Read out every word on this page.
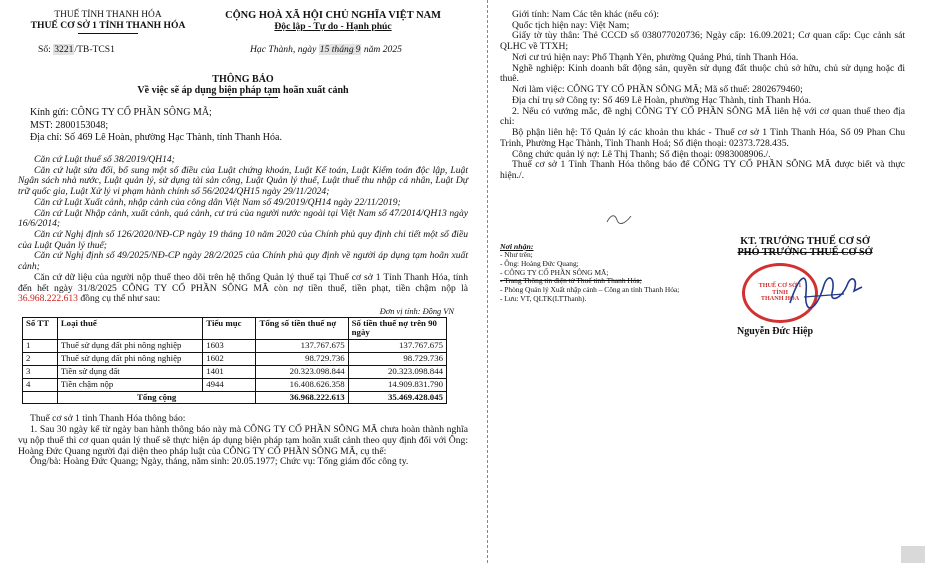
THUẾ TỈNH THANH HÓA
THUẾ CƠ SỞ 1 TỈNH THANH HÓA
CỘNG HOÀ XÃ HỘI CHỦ NGHĨA VIỆT NAM
Độc lập - Tự do - Hạnh phúc
Số: 3221/TB-TCS1	Hạc Thành, ngày 15 tháng 9 năm 2025
THÔNG BÁO
Về việc sẽ áp dụng biện pháp tạm hoãn xuất cảnh
Kính gửi: CÔNG TY CỔ PHẦN SÔNG MÃ;
MST: 2800153048;
Địa chỉ: Số 469 Lê Hoàn, phường Hạc Thành, tỉnh Thanh Hóa.

Căn cứ Luật thuế số 38/2019/QH14;

Căn cứ luật sửa đổi, bổ sung một số điều của Luật chứng khoán, Luật Kế toán, Luật Kiểm toán độc lập, Luật Ngân sách nhà nước, Luật quản lý, sử dụng tài sản công, Luật Quản lý thuế, Luật thuế thu nhập cá nhân, Luật Dự trữ quốc gia, Luật Xử lý vi phạm hành chính số 56/2024/QH15 ngày 29/11/2024;

Căn cứ Luật Xuất cảnh, nhập cảnh của công dân Việt Nam số 49/2019/QH14 ngày 22/11/2019;

Căn cứ Luật Nhập cảnh, xuất cảnh, quá cảnh, cư trú của người nước ngoài tại Việt Nam số 47/2014/QH13 ngày 16/6/2014;

Căn cứ Nghị định số 126/2020/NĐ-CP ngày 19 tháng 10 năm 2020 của Chính phủ quy định chi tiết một số điều của Luật Quản lý thuế;

Căn cứ Nghị định số 49/2025/NĐ-CP ngày 28/2/2025 của Chính phủ quy định về người áp dụng tạm hoãn xuất cảnh;

Căn cứ dữ liệu của người nộp thuế theo dõi trên hệ thống Quản lý thuế tại Thuế cơ sở 1 Tỉnh Thanh Hóa, tính đến hết ngày 31/8/2025 CÔNG TY CỔ PHẦN SÔNG MÃ còn nợ tiền thuế, tiền phạt, tiền chậm nộp là 36.968.222.613 đồng cụ thể như sau:

Đơn vị tính: Đồng VN
Số TT	Loại thuế	Tiểu mục	Tổng số tiền thuế nợ	Số tiền thuế nợ trên 90 ngày
1	Thuế sử dụng đất phi nông nghiệp	1603	137.767.675	137.767.675
2	Thuế sử dụng đất phi nông nghiệp	1602	98.729.736	98.729.736
3	Tiền sử dụng đất	1401	20.323.098.844	20.323.098.844
4	Tiền chậm nộp	4944	16.408.626.358	14.909.831.790
	Tổng cộng		36.968.222.613	35.469.428.045

Thuế cơ sở 1 tỉnh Thanh Hóa thông báo:

1. Sau 30 ngày kể từ ngày ban hành thông báo này mà CÔNG TY CỔ PHẦN SÔNG MÃ chưa hoàn thành nghĩa vụ nộp thuế thì cơ quan quản lý thuế sẽ thực hiện áp dụng biện pháp tạm hoãn xuất cảnh theo quy định đối với Ông: Hoàng Đức Quang người đại diện theo pháp luật của CÔNG TY CỔ PHẦN SÔNG MÃ, cụ thể:

Ông/bà: Hoàng Đức Quang; Ngày, tháng, năm sinh: 20.05.1977; Chức vụ: Tổng giám đốc công ty.

Giới tính: Nam Các tên khác (nếu có):

Quốc tịch hiện nay: Việt Nam;

Giấy tờ tùy thân: Thẻ CCCD số 038077020736; Ngày cấp: 16.09.2021; Cơ quan cấp: Cục cảnh sát QLHC về TTXH;

Nơi cư trú hiện nay: Phố Thạnh Yên, phường Quảng Phú, tỉnh Thanh Hóa.

Nghề nghiệp: Kinh doanh bất động sản, quyền sử dụng đất thuộc chủ sở hữu, chủ sử dụng hoặc đi thuê.

Nơi làm việc: CÔNG TY CỔ PHẦN SÔNG MÃ; Mã số thuế: 2802679460;

Địa chỉ trụ sở Công ty: Số 469 Lê Hoàn, phường Hạc Thành, tỉnh Thanh Hóa.

2. Nếu có vướng mắc, đề nghị CÔNG TY CỔ PHẦN SÔNG MÃ liên hệ với cơ quan thuế theo địa chỉ:

Bộ phận liên hệ: Tổ Quản lý các khoản thu khác - Thuế cơ sở 1 Tỉnh Thanh Hóa, Số 09 Phan Chu Trinh, Phường Hạc Thành, Tỉnh Thanh Hoá; Số điện thoại: 02373.728.435.

Công chức quản lý nợ: Lê Thị Thanh; Số điện thoại: 0983008906./.

Thuế cơ sở 1 Tỉnh Thanh Hóa thông báo để CÔNG TY CỔ PHẦN SÔNG MÃ được biết và thực hiện./.

Nơi nhận:
- Như trên;
- Ông: Hoàng Đức Quang;
- CÔNG TY CỔ PHẦN SÔNG MÃ;
- Trang Thông tin điện tử Thuế tỉnh Thanh Hóa;
- Phòng Quản lý Xuất nhập cảnh – Công an tỉnh Thanh Hóa;
- Lưu: VT, QLTK(LTThanh).
KT. TRƯỞNG THUẾ CƠ SỞ
PHÓ TRƯỞNG THUẾ CƠ SỞ
THUẾ CƠ SỞ 1
TỈNH
THANH HÓA
Nguyễn Đức Hiệp
